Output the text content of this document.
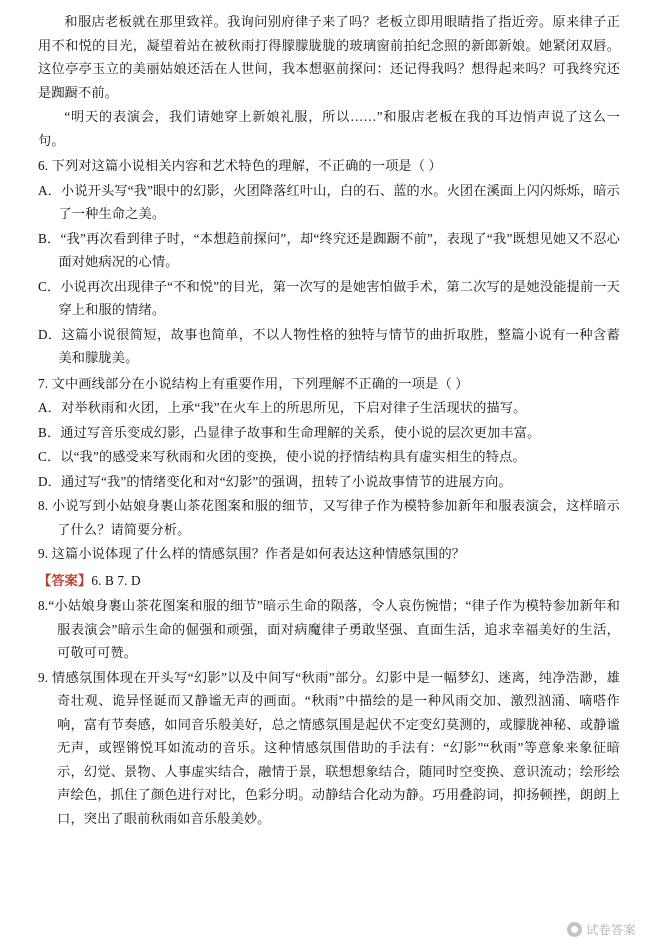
和服店老板就在那里致祥。我询问别府律子来了吗？老板立即用眼睛指了指近旁。原来律子正用不和悦的目光，凝望着站在被秋雨打得朦朦胧胧的玻璃窗前拍纪念照的新郎新娘。她紧闭双唇。这位亭亭玉立的美丽姑娘还活在人世间，我本想驱前探问：还记得我吗？想得起来吗？可我终究还是踟蹰不前。

“明天的表演会，我们请她穿上新娘礼服，所以……”和服店老板在我的耳边悄声说了这么一句。

6. 下列对这篇小说相关内容和艺术特色的理解，不正确的一项是（ ）

A．小说开头写“我”眼中的幻影，火团降落红叶山，白的石、蓝的水。火团在溪面上闪闪烁烁，暗示了一种生命之美。

B．“我”再次看到律子时，“本想趋前探问”，却“终究还是踟蹰不前”，表现了“我”既想见她又不忍心面对她病况的心情。

C．小说再次出现律子“不和悦”的目光，第一次写的是她害怕做手术，第二次写的是她没能提前一天穿上和服的情绪。

D．这篇小说很简短，故事也简单，不以人物性格的独特与情节的曲折取胜，整篇小说有一种含蓄美和朦胧美。

7. 文中画线部分在小说结构上有重要作用，下列理解不正确的一项是（ ）

A．对举秋雨和火团，上承“我”在火车上的所思所见，下启对律子生活现状的描写。

B．通过写音乐变成幻影，凸显律子故事和生命理解的关系，使小说的层次更加丰富。

C．以“我”的感受来写秋雨和火团的变换，使小说的抒情结构具有虚实相生的特点。

D．通过写“我”的情绪变化和对“幻影”的强调，扭转了小说故事情节的进展方向。

8. 小说写到小姑娘身裹山茶花图案和服的细节，又写律子作为模特参加新年和服表演会，这样暗示了什么？请简要分析。

9. 这篇小说体现了什么样的情感氛围？作者是如何表达这种情感氛围的？

【答案】6. B 7. D

8.“小姑娘身裹山茶花图案和服的细节”暗示生命的陨落，令人哀伤惋惜；“律子作为模特参加新年和服表演会”暗示生命的倔强和顽强，面对病魔律子勇敢坚强、直面生活，追求幸福美好的生活，可敬可可赞。

9. 情感氛围体现在开头写“幻影”以及中间写“秋雨”部分。幻影中是一幅梦幻、迷离，纯净浩渺，雄奇壮观、诡异怪诞而又静谧无声的画面。“秋雨”中描绘的是一种风雨交加、激烈汹涌、嘀嗒作响，富有节奏感，如同音乐般美好，总之情感氛围是起伏不定变幻莫测的，或朦胧神秘、或静谧无声，或铿锵悦耳如流动的音乐。这种情感氛围借助的手法有：“幻影”“秋雨”等意象来象征暗示，幻觉、景物、人事虚实结合，融情于景，联想想象结合，随同时空变换、意识流动；绘形绘声绘色，抓住了颜色进行对比，色彩分明。动静结合化动为静。巧用叠韵词，抑扬顿挫，朗朗上口，突出了眼前秋雨如音乐般美妙。

试卷答案
